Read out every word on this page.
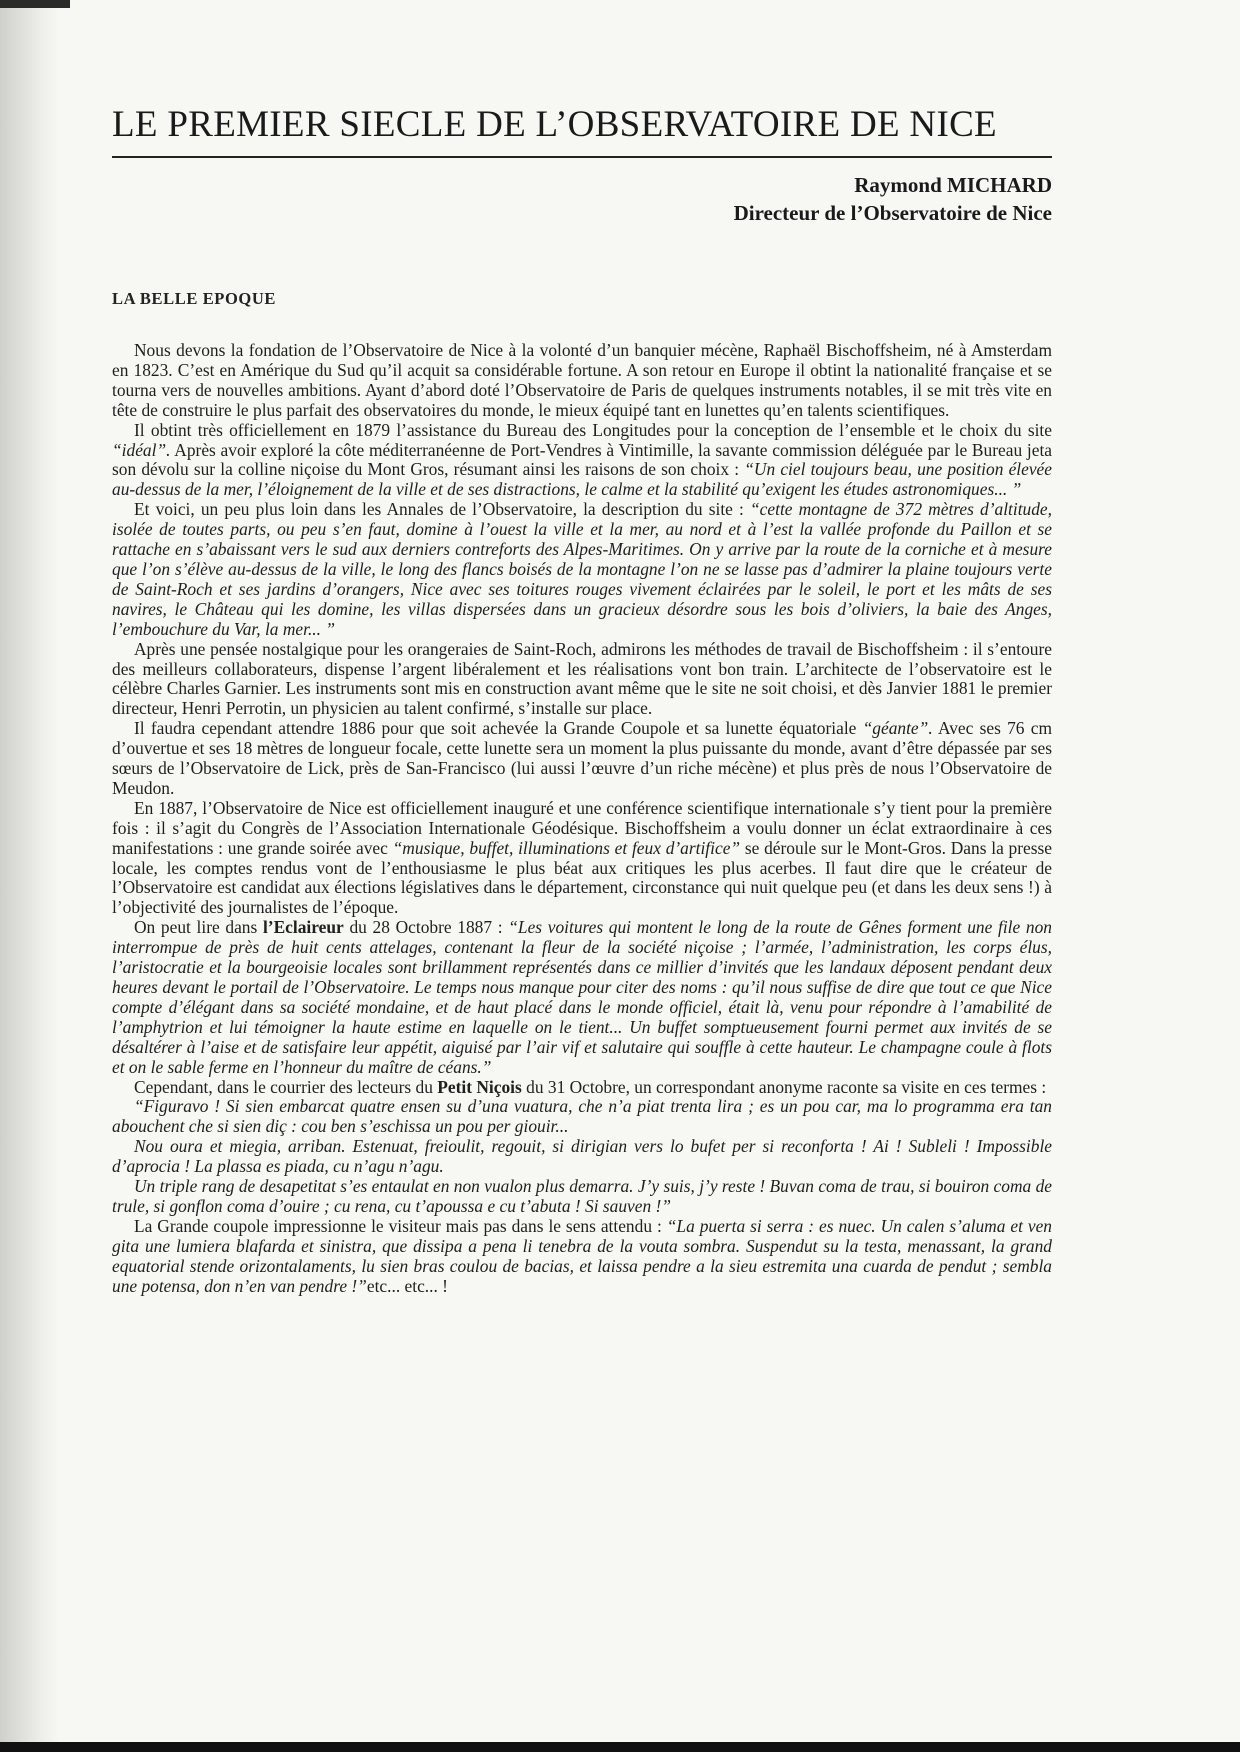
LE PREMIER SIECLE DE L’OBSERVATOIRE DE NICE
Raymond MICHARD
Directeur de l’Observatoire de Nice
LA BELLE EPOQUE

Nous devons la fondation de l’Observatoire de Nice à la volonté d’un banquier mécène, Raphaël Bischoffsheim, né à Amsterdam en 1823. C’est en Amérique du Sud qu’il acquit sa considérable fortune. A son retour en Europe il obtint la nationalité française et se tourna vers de nouvelles ambitions. Ayant d’abord doté l’Observatoire de Paris de quelques instruments notables, il se mit très vite en tête de construire le plus parfait des observatoires du monde, le mieux équipé tant en lunettes qu’en talents scientifiques.

Il obtint très officiellement en 1879 l’assistance du Bureau des Longitudes pour la conception de l’ensemble et le choix du site “idéal”. Après avoir exploré la côte méditerranéenne de Port-Vendres à Vintimille, la savante commission déléguée par le Bureau jeta son dévolu sur la colline niçoise du Mont Gros, résumant ainsi les raisons de son choix : “Un ciel toujours beau, une position élevée au-dessus de la mer, l’éloignement de la ville et de ses distractions, le calme et la stabilité qu’exigent les études astronomiques... ”

Et voici, un peu plus loin dans les Annales de l’Observatoire, la description du site : “cette montagne de 372 mètres d’altitude, isolée de toutes parts, ou peu s’en faut, domine à l’ouest la ville et la mer, au nord et à l’est la vallée profonde du Paillon et se rattache en s’abaissant vers le sud aux derniers contreforts des Alpes-Maritimes. On y arrive par la route de la corniche et à mesure que l’on s’élève au-dessus de la ville, le long des flancs boisés de la montagne l’on ne se lasse pas d’admirer la plaine toujours verte de Saint-Roch et ses jardins d’orangers, Nice avec ses toitures rouges vivement éclairées par le soleil, le port et les mâts de ses navires, le Château qui les domine, les villas dispersées dans un gracieux désordre sous les bois d’oliviers, la baie des Anges, l’embouchure du Var, la mer... ”

Après une pensée nostalgique pour les orangeraies de Saint-Roch, admirons les méthodes de travail de Bischoffsheim : il s’entoure des meilleurs collaborateurs, dispense l’argent libéralement et les réalisations vont bon train. L’architecte de l’observatoire est le célèbre Charles Garnier. Les instruments sont mis en construction avant même que le site ne soit choisi, et dès Janvier 1881 le premier directeur, Henri Perrotin, un physicien au talent confirmé, s’installe sur place.

Il faudra cependant attendre 1886 pour que soit achevée la Grande Coupole et sa lunette équatoriale “géante”. Avec ses 76 cm d’ouvertue et ses 18 mètres de longueur focale, cette lunette sera un moment la plus puissante du monde, avant d’être dépassée par ses sœurs de l’Observatoire de Lick, près de San-Francisco (lui aussi l’œuvre d’un riche mécène) et plus près de nous l’Observatoire de Meudon.

En 1887, l’Observatoire de Nice est officiellement inauguré et une conférence scientifique internationale s’y tient pour la première fois : il s’agit du Congrès de l’Association Internationale Géodésique. Bischoffsheim a voulu donner un éclat extraordinaire à ces manifestations : une grande soirée avec “musique, buffet, illuminations et feux d’artifice” se déroule sur le Mont-Gros. Dans la presse locale, les comptes rendus vont de l’enthousiasme le plus béat aux critiques les plus acerbes. Il faut dire que le créateur de l’Observatoire est candidat aux élections législatives dans le département, circonstance qui nuit quelque peu (et dans les deux sens !) à l’objectivité des journalistes de l’époque.

On peut lire dans l’Eclaireur du 28 Octobre 1887 : “Les voitures qui montent le long de la route de Gênes forment une file non interrompue de près de huit cents attelages, contenant la fleur de la société niçoise ; l’armée, l’administration, les corps élus, l’aristocratie et la bourgeoisie locales sont brillamment représentés dans ce millier d’invités que les landaux déposent pendant deux heures devant le portail de l’Observatoire. Le temps nous manque pour citer des noms : qu’il nous suffise de dire que tout ce que Nice compte d’élégant dans sa société mondaine, et de haut placé dans le monde officiel, était là, venu pour répondre à l’amabilité de l’amphytrion et lui témoigner la haute estime en laquelle on le tient... Un buffet somptueusement fourni permet aux invités de se désaltérer à l’aise et de satisfaire leur appétit, aiguisé par l’air vif et salutaire qui souffle à cette hauteur. Le champagne coule à flots et on le sable ferme en l’honneur du maître de céans.”

Cependant, dans le courrier des lecteurs du Petit Niçois du 31 Octobre, un correspondant anonyme raconte sa visite en ces termes :

“Figuravo ! Si sien embarcat quatre ensen su d’una vuatura, che n’a piat trenta lira ; es un pou car, ma lo programma era tan abouchent che si sien diç : cou ben s’eschissa un pou per giouir...

Nou oura et miegia, arriban. Estenuat, freioulit, regouit, si dirigian vers lo bufet per si reconforta ! Ai ! Subleli ! Impossible d’aprocia ! La plassa es piada, cu n’agu n’agu.

Un triple rang de desapetitat s’es entaulat en non vualon plus demarra. J’y suis, j’y reste ! Buvan coma de trau, si bouiron coma de trule, si gonflon coma d’ouire ; cu rena, cu t’apoussa e cu t’abuta ! Si sauven !”

La Grande coupole impressionne le visiteur mais pas dans le sens attendu : “La puerta si serra : es nuec. Un calen s’aluma et ven gita une lumiera blafarda et sinistra, que dissipa a pena li tenebra de la vouta sombra. Suspendut su la testa, menassant, la grand equatorial stende orizontalaments, lu sien bras coulou de bacias, et laissa pendre a la sieu estremita una cuarda de pendut ; sembla une potensa, don n’en van pendre !”etc... etc... !
